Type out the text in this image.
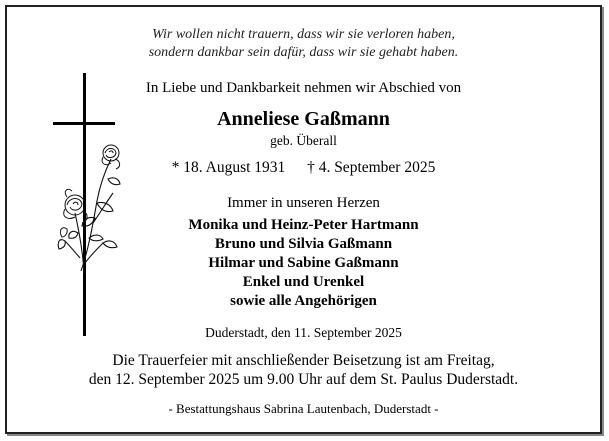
Wir wollen nicht trauern, dass wir sie verloren haben,
sondern dankbar sein dafür, dass wir sie gehabt haben.
In Liebe und Dankbarkeit nehmen wir Abschied von
Anneliese Gaßmann
geb. Überall
* 18. August 1931 † 4. September 2025
Immer in unseren Herzen
Monika und Heinz-Peter Hartmann
Bruno und Silvia Gaßmann
Hilmar und Sabine Gaßmann
Enkel und Urenkel
sowie alle Angehörigen
Duderstadt, den 11. September 2025
Die Trauerfeier mit anschließender Beisetzung ist am Freitag,
den 12. September 2025 um 9.00 Uhr auf dem St. Paulus Duderstadt.
- Bestattungshaus Sabrina Lautenbach, Duderstadt -
